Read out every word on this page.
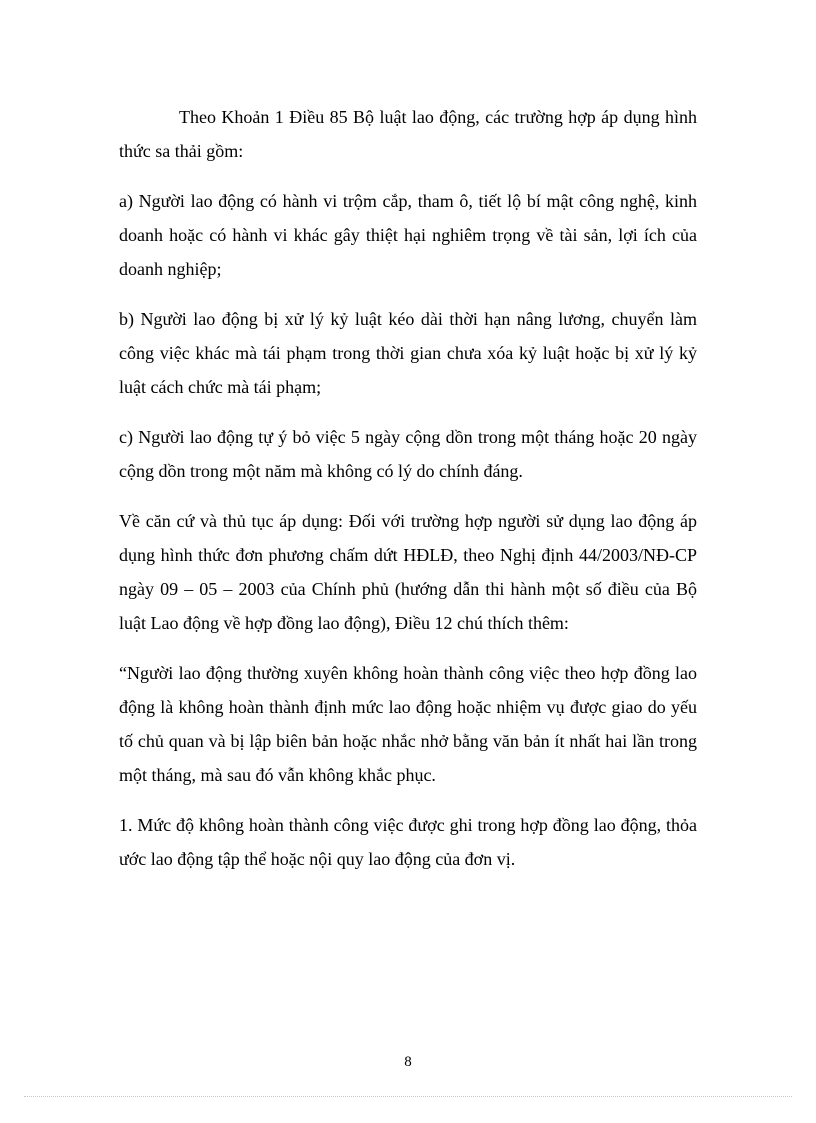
Theo Khoản 1 Điều 85 Bộ luật lao động, các trường hợp áp dụng hình thức sa thải gồm:

a) Người lao động có hành vi trộm cắp, tham ô, tiết lộ bí mật công nghệ, kinh doanh hoặc có hành vi khác gây thiệt hại nghiêm trọng về tài sản, lợi ích của doanh nghiệp;

b) Người lao động bị xử lý kỷ luật kéo dài thời hạn nâng lương, chuyển làm công việc khác mà tái phạm trong thời gian chưa xóa kỷ luật hoặc bị xử lý kỷ luật cách chức mà tái phạm;

c) Người lao động tự ý bỏ việc 5 ngày cộng dồn trong một tháng hoặc 20 ngày cộng dồn trong một năm mà không có lý do chính đáng.

Về căn cứ và thủ tục áp dụng: Đối với trường hợp người sử dụng lao động áp dụng hình thức đơn phương chấm dứt HĐLĐ, theo Nghị định 44/2003/NĐ-CP ngày 09 – 05 – 2003 của Chính phủ (hướng dẫn thi hành một số điều của Bộ luật Lao động về hợp đồng lao động), Điều 12 chú thích thêm:

“Người lao động thường xuyên không hoàn thành công việc theo hợp đồng lao động là không hoàn thành định mức lao động hoặc nhiệm vụ được giao do yếu tố chủ quan và bị lập biên bản hoặc nhắc nhở bằng văn bản ít nhất hai lần trong một tháng, mà sau đó vẫn không khắc phục.

1. Mức độ không hoàn thành công việc được ghi trong hợp đồng lao động, thỏa ước lao động tập thể hoặc nội quy lao động của đơn vị.

8
